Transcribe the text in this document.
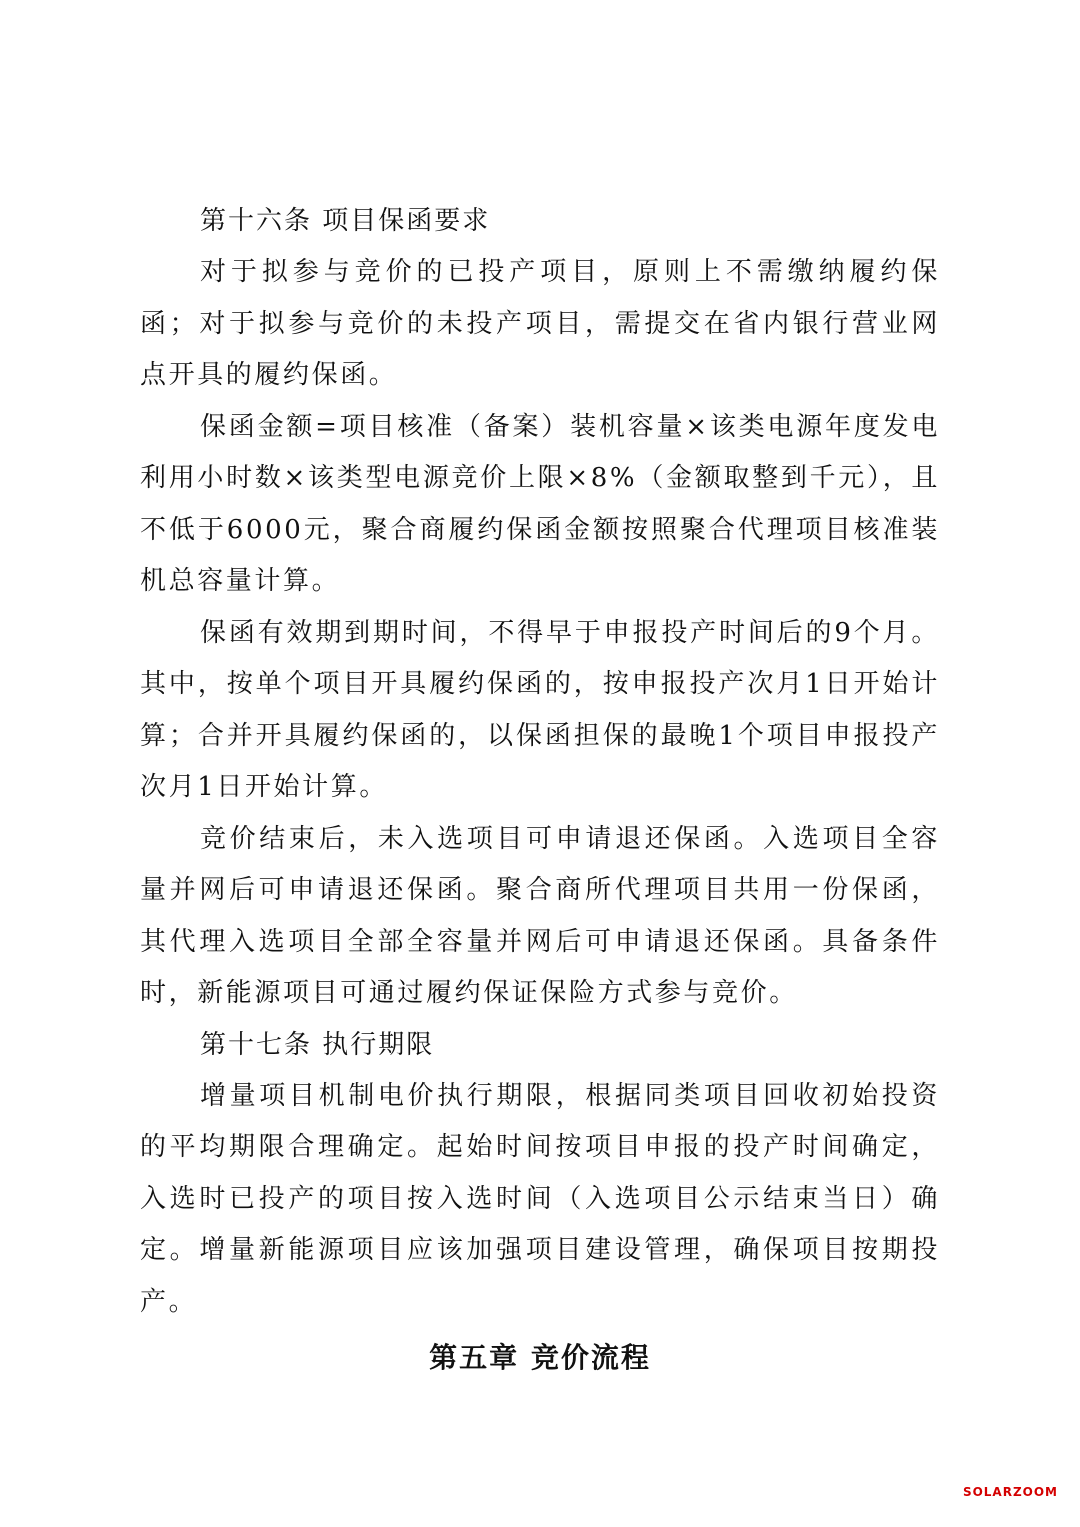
第十六条 项目保函要求

对于拟参与竞价的已投产项目，原则上不需缴纳履约保函；对于拟参与竞价的未投产项目，需提交在省内银行营业网点开具的履约保函。

保函金额=项目核准（备案）装机容量×该类电源年度发电利用小时数×该类型电源竞价上限×8%（金额取整到千元），且不低于6000元，聚合商履约保函金额按照聚合代理项目核准装机总容量计算。

保函有效期到期时间，不得早于申报投产时间后的9个月。其中，按单个项目开具履约保函的，按申报投产次月1日开始计算；合并开具履约保函的，以保函担保的最晚1个项目申报投产次月1日开始计算。

竞价结束后，未入选项目可申请退还保函。入选项目全容量并网后可申请退还保函。聚合商所代理项目共用一份保函，其代理入选项目全部全容量并网后可申请退还保函。具备条件时，新能源项目可通过履约保证保险方式参与竞价。

第十七条 执行期限

增量项目机制电价执行期限，根据同类项目回收初始投资的平均期限合理确定。起始时间按项目申报的投产时间确定，入选时已投产的项目按入选时间（入选项目公示结束当日）确定。增量新能源项目应该加强项目建设管理，确保项目按期投产。

第五章 竞价流程
SOLARZOOM
